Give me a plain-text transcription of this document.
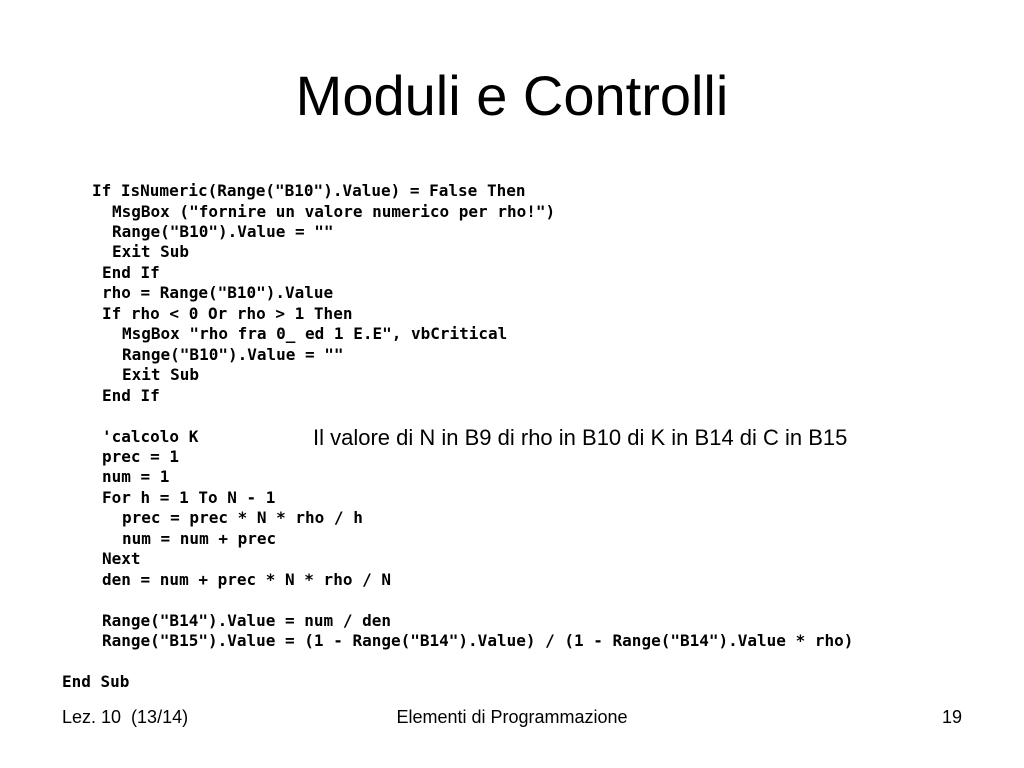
Moduli e Controlli
If IsNumeric(Range("B10").Value) = False Then
MsgBox ("fornire un valore numerico per rho!")
Range("B10").Value = ""
Exit Sub
End If
rho = Range("B10").Value
If rho < 0 Or rho > 1 Then
MsgBox "rho fra 0_ ed 1 E.E", vbCritical
Range("B10").Value = ""
Exit Sub
End If
'calcolo K
prec = 1
num = 1
For h = 1 To N - 1
prec = prec * N * rho / h
num = num + prec
Next
den = num + prec * N * rho / N
Range("B14").Value = num / den
Range("B15").Value = (1 - Range("B14").Value) / (1 - Range("B14").Value * rho)
End Sub
Il valore di N in B9 di rho in B10 di K in B14 di C in B15
Lez. 10  (13/14)	Elementi di Programmazione	19
